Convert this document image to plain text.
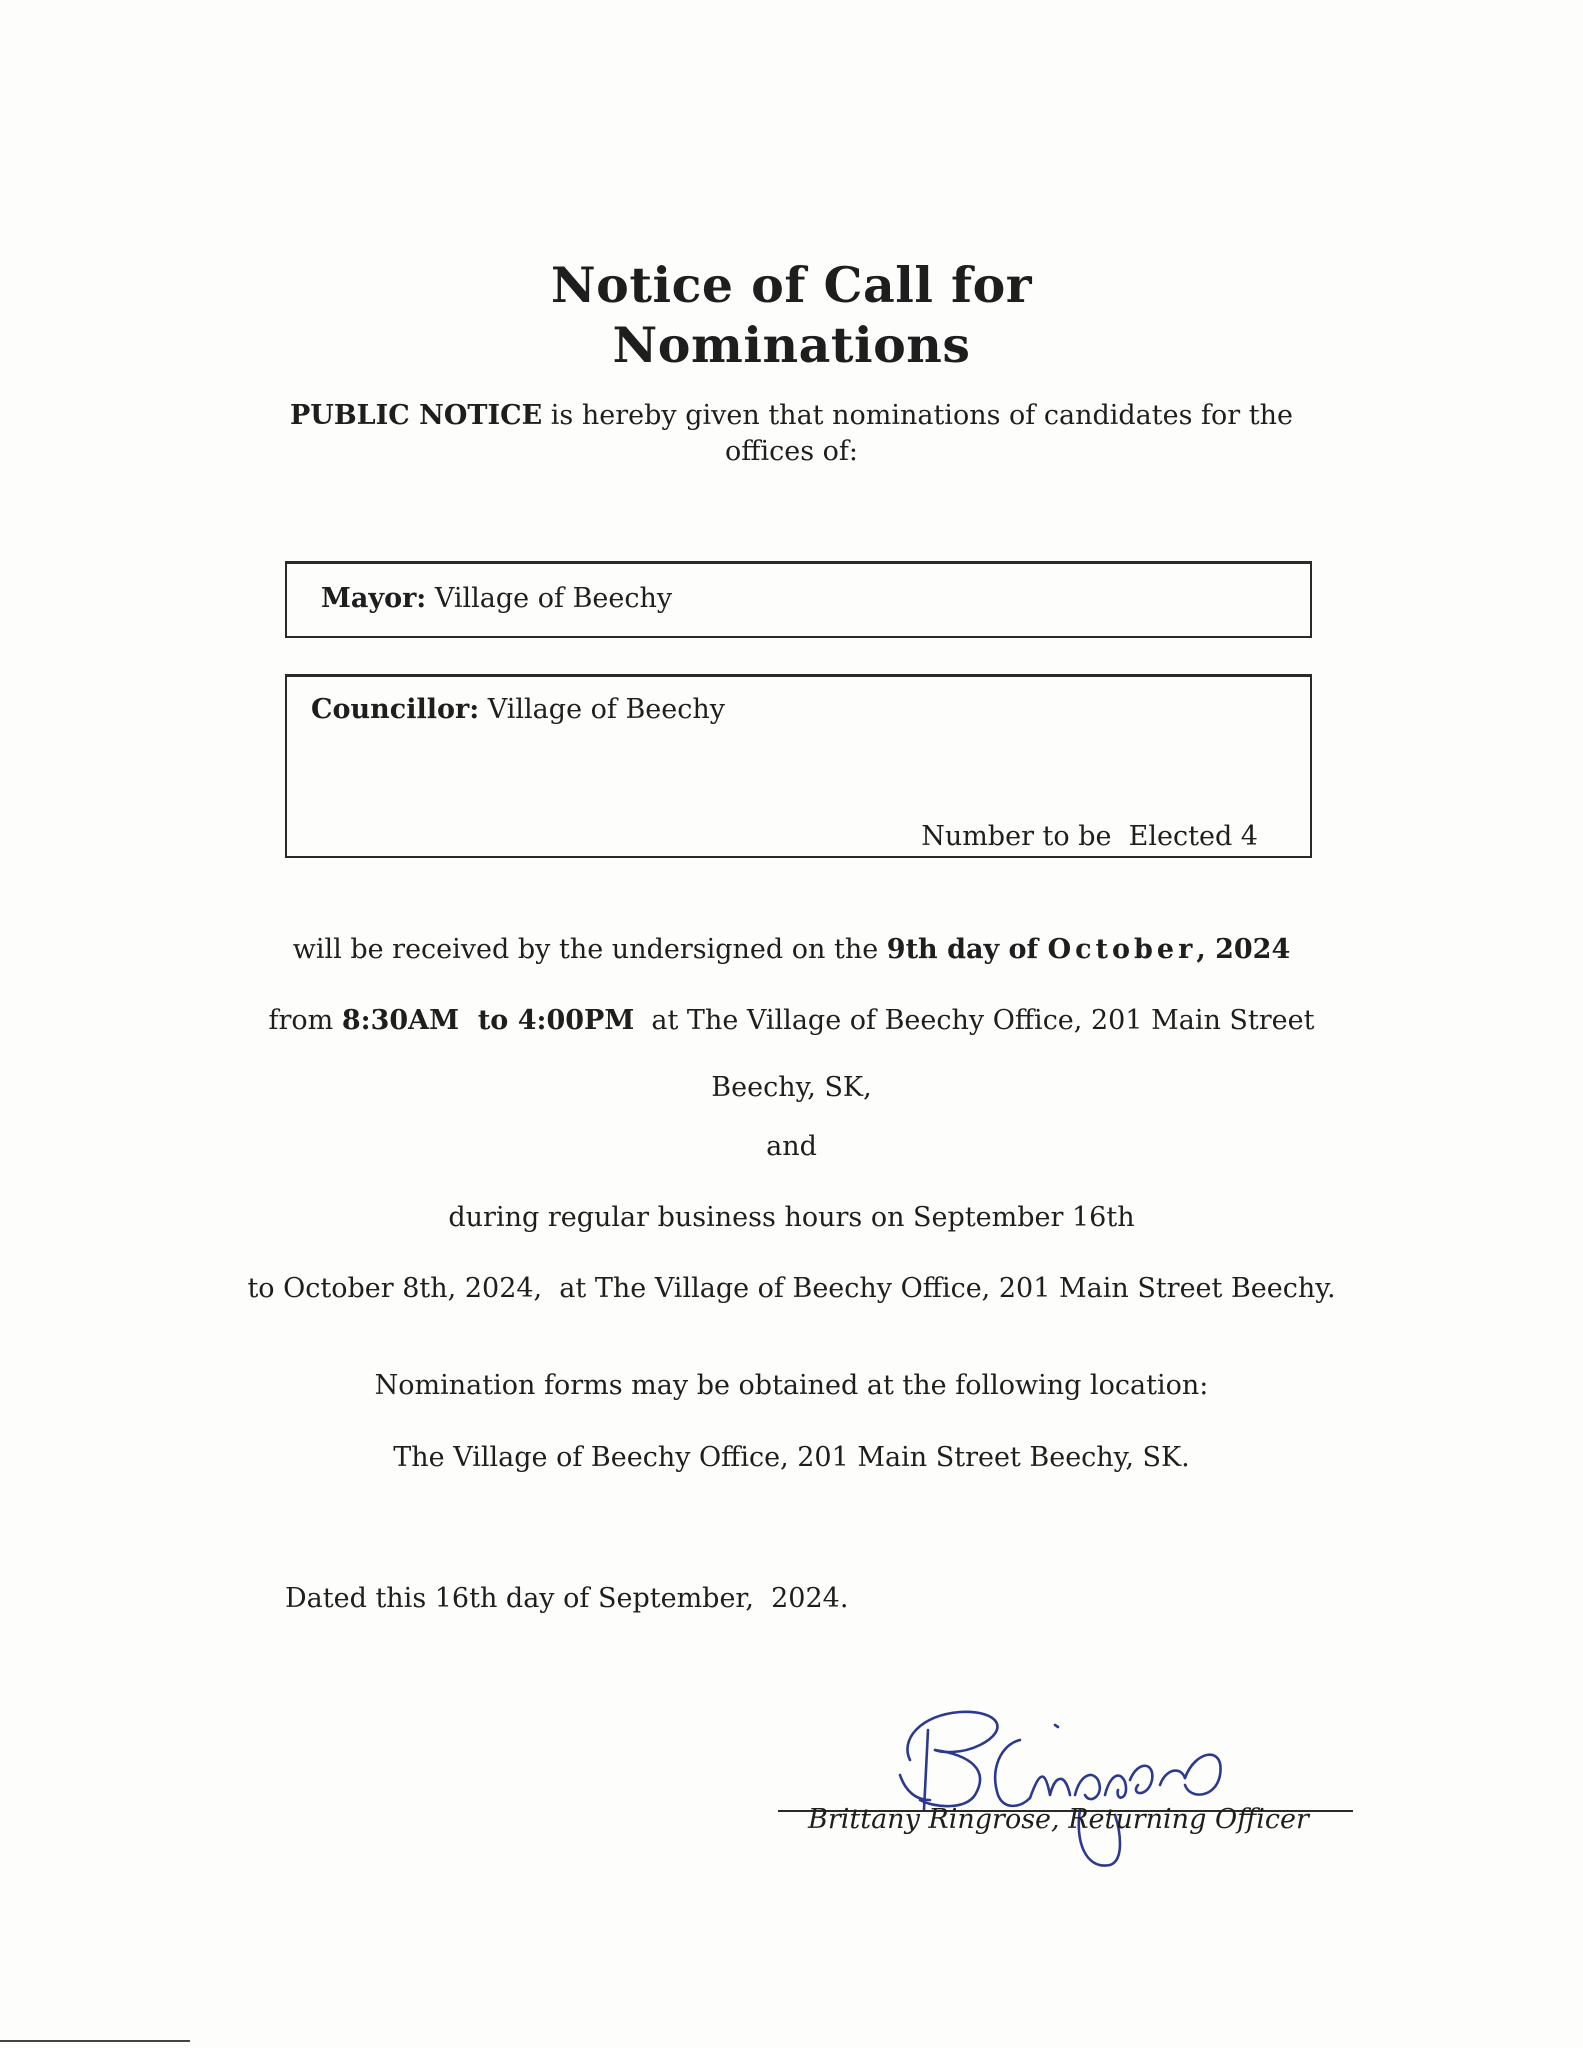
Notice of Call for
Nominations
PUBLIC NOTICE is hereby given that nominations of candidates for the
offices of:
Mayor: Village of Beechy
Councillor: Village of Beechy
Number to be  Elected 4
will be received by the undersigned on the 9th day of October, 2024
from 8:30AM  to 4:00PM  at The Village of Beechy Office, 201 Main Street
Beechy, SK,
and
during regular business hours on September 16th
to October 8th, 2024,  at The Village of Beechy Office, 201 Main Street Beechy.
Nomination forms may be obtained at the following location:
The Village of Beechy Office, 201 Main Street Beechy, SK.
Dated this 16th day of September,  2024.
Brittany Ringrose, Returning Officer
